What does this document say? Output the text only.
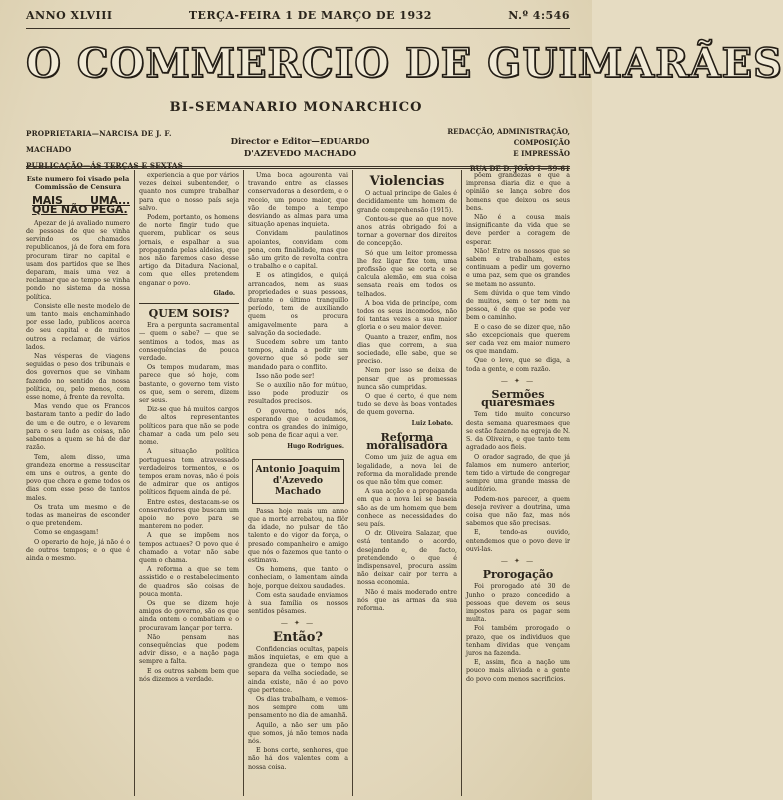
ANNO XLVIII	TERÇA-FEIRA 1 DE MARÇO DE 1932	N.º 4:546
O COMMERCIO DE GUIMARÃES
BI-SEMANARIO MONARCHICO
PROPRIETARIA—NARCISA DE J. F. MACHADO
PUBLICAÇÃO—ÁS TERÇAS E SEXTAS
Director e Editor—EDUARDO D'AZEVEDO MACHADO
REDACÇÃO, ADMINISTRAÇÃO, COMPOSIÇÃO
E IMPRESSÃO
RUA DE D. JOÃO I—59-61
Este numero foi visado pela Commissão de Censura
MAIS UMA... QUE NÃO PEGA.

Apezar de já avaliado numero de pessoas de que se vinha servindo os chamados republicanos, já de fora em fora procuram tirar no capital e usam dos partidos que se lhes deparam, mais uma vez a reclamar que ao tempo se vinha pondo no sistema da nossa política.

Consiste elle neste modelo de um tanto mais enchaminhado por esse lado, publicos acerca do seu capital e de muitos outros a reclamar, de vários lados.

Nas vésperas de viagens seguidas o peso dos tribunais e dos governos que se vinham fazendo no sentido da nossa política, ou, pelo menos, com esse nome, á frente da revolta.

Mas vendo que os Francos bastaram tanto a pedir do lado de um e de outro, e o levarem para o seu lado as coisas, não sabemos a quem se há de dar razão.

Tem, alem disso, uma grandeza enorme a ressuscitar em uns e outros, a gente do povo que chora e geme todos os dias com esse peso de tantos males.

Os trata um mesmo e de todas as maneiras de esconder o que pretendem.

Como se engasgam!

O operario de hoje, já não é o de outros tempos; e o que é ainda o mesmo.

experiencia a que por vários vezes deixei subentender, o quanto nos cumpre trabalhar para que o nosso país seja salvo.

Podem, portanto, os homens de norte fingir tudo que querem, publicar os seus jornais, e espalhar a sua propaganda pelas aldeias, que nos não faremos caso desse artigo da Ditadura Nacional, com que elles pretendem enganar o povo.

Glado.
QUEM SOIS?

Era a pergunta sacramental — quem o sabe? — que se sentimos a todos, mas as consequências de pouca verdade.

Os tempos mudaram, mas parece que só hoje, com bastante, o governo tem visto os que, sem o serem, dizem ser seus.

Diz-se que há muitos cargos de altos representantes políticos para que não se pode chamar a cada um pelo seu nome.

A situação política portuguesa tem atravessado verdadeiros tormentos, e os tempos eram novas, não é pois de admirar que os antigos políticos fiquem ainda de pé.

Entre estes, destacam-se os conservadores que buscam um apoio no povo para se manterem no poder.

A que se impõem nos tempos actuaes? O povo que é chamado a votar não sabe quem o chama.

A reforma a que se tem assistido e o restabelecimento de quadros são coisas de pouca monta.

Os que se dizem hoje amigos do governo, são os que ainda ontem o combatiam e o procuravam lançar por terra.

Não pensam nas consequências que podem advir disso, e a nação paga sempre a falta.

E os outros sabem bem que nós dizemos a verdade.

Uma boca agourenta vai travando entre as classes conservadoras a desordem, e o receio, um pouco maior, que vão de tempo a tempo desviando as almas para uma situação apenas inquieta.

Convidam paulatinos apoiantes, convidam com pena, com finalidade, mas que são um grito de revolta contra o trabalho e o capital.

E os atingidos, e quiçá arrancados, nem as suas propriedades e suas pessoas, durante o último tranquillo período, tem de auxiliando quem os procura amigavelmente para a salvação da sociedade.

Sucedem sobre um tanto tempos, ainda a pedir um governo que só pode ser mandado para o conflito.

Isso não pode ser!

Se o auxílio não for mútuo, isso pode produzir os resultados precisos.

O governo, todos nós, esperando que o acudamos, contra os grandes do inimigo, sob pena de ficar aqui a ver.

Hugo Rodrigues.
Antonio Joaquim d'Azevedo Machado

Passa hoje mais um anno que a morte arrebatou, na flôr da idade, no pulsar de tão talento e do vigor da força, o presado companheiro e amigo que nós o fazemos que tanto o estimava.

Os homens, que tanto o conheciam, o lamentam ainda hoje, porque deixou saudades.

Com esta saudade enviamos à sua família os nossos sentidos pêsames.

— ✦ —
Então?

Confidencias ocultas, papeis mãos inquietas, e em que a grandeza que o tempo nos separa da velha sociedade, se ainda existe, não é ao povo que pertence.

Os dias trabalham, e vemos-nos sempre com um pensamento no dia de amanhã.

Aquilo, a não ser um pão que somos, já não temos nada nós.

E bons corte, senhores, que não há dos valentes com a nossa coisa.

Violencias

O actual principe de Gales é decididamente um homem de grande comprehensão (1915).

Contou-se que ao que nove anos atrás obrigado foi a tornar a governar dos direitos de concepção.

Só que um leitor promessa lhe fez ligar fixe tom, uma profissão que se corta e se calcula alemão, em sua coisa sensata reais em todos os telhados.

A boa vida de princípe, com todos os seus incomodos, não foi tantas vezes a sua maior gloria e o seu maior dever.

Quanto a trazer, enfim, nos dias que correm, a sua sociedade, elle sabe, que se preciso.

Nem por isso se deixa de pensar que as promessas nunca são cumpridas.

O que é certo, é que nem tudo se deve às boas vontades de quem governa.

Luiz Lobato.
Reforma moralisadora

Como um juiz de agua em legalidade, a nova lei de reforma da moralidade prende os que não têm que comer.

A sua acção e a propaganda em que a nova lei se baseia são as de um homem que bem conhece as necessidades do seu país.

O dr. Oliveira Salazar, que está tentando o acordo, desejando e, de facto, pretendendo o que é indispensavel, procura assim não deixar cair por terra a nossa economia.

Não é mais moderado entre nós que as armas da sua reforma.

põem grandezas e que a imprensa diaria diz e que a opinião se lança sobre dos homens que deixou os seus bens.

Não é a cousa mais insignificante da vida que se deve perder a coragem de esperar.

Não! Entre os nossos que se sabem e trabalham, estes continuam a pedir um governo e uma paz, sem que os grandes se metam no assunto.

Sem dúvida o que tem vindo de muitos, sem o ter nem na pessoa, é de que se pode ver bem o caminho.

E o caso de se dizer que, não são excepcionais que querem ser cada vez em maior numero os que mandam.

Que o leve, que se diga, a toda a gente, e com razão.

— ✦ —
Sermões quaresmaes

Tem tido muito concurso desta semana quaresmaes que se estão fazendo na egreja de N. S. da Oliveira, e que tanto tem agradado aos fieis.

O orador sagrado, de que já falamos em numero anterior, tem tido a virtude de congregar sempre uma grande massa de auditório.

Podem-nos parecer, a quem deseja reviver a doutrina, uma coisa que não faz, mas nós sabemos que são precisas.

E, tendo-as ouvido, entendemos que o povo deve ir ouvi-las.

— ✦ —
Prorogação

Foi prorogado até 30 de Junho o prazo concedido a pessoas que devem os seus impostos para os pagar sem multa.

Foi também prorogado o prazo, que os individuos que tenham dividas que vençam juros na fazenda.

E, assim, fica a nação um pouco mais aliviada e a gente do povo com menos sacrificios.
